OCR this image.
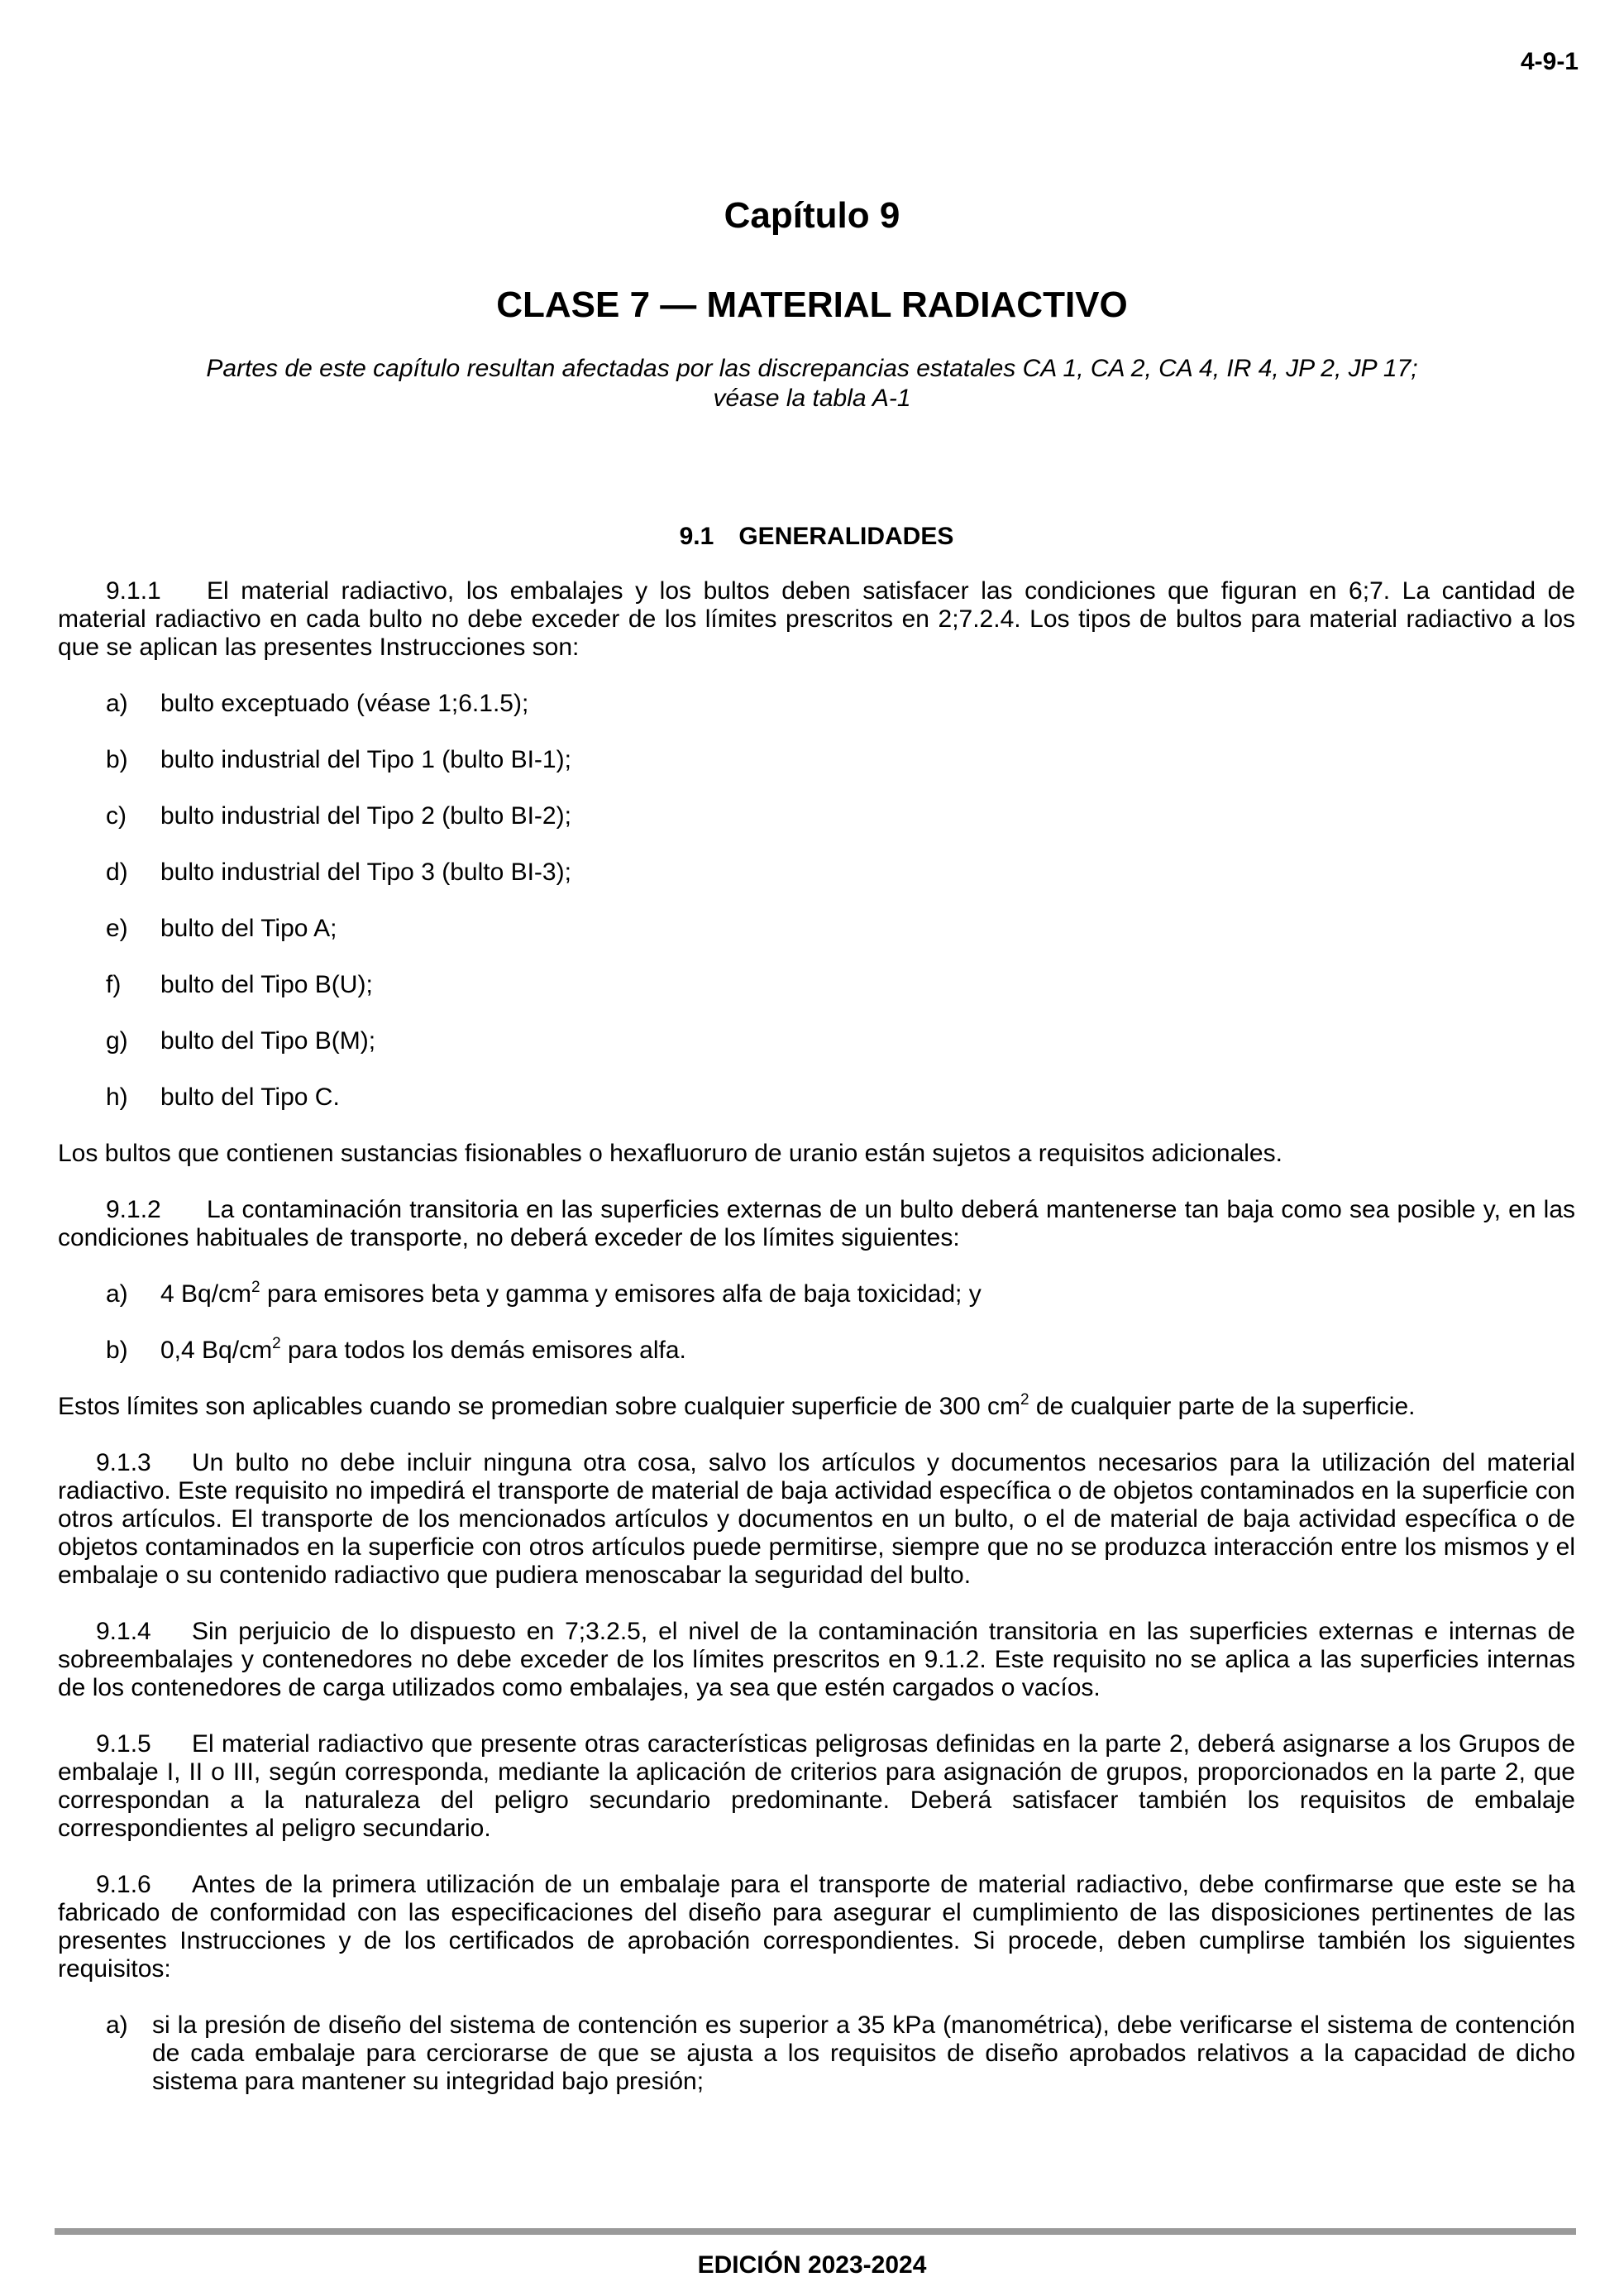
4-9-1
Capítulo 9
CLASE 7 — MATERIAL RADIACTIVO
Partes de este capítulo resultan afectadas por las discrepancias estatales CA 1, CA 2, CA 4, IR 4, JP 2, JP 17;
véase la tabla A-1
9.1 GENERALIDADES

9.1.1 El material radiactivo, los embalajes y los bultos deben satisfacer las condiciones que figuran en 6;7. La cantidad de material radiactivo en cada bulto no debe exceder de los límites prescritos en 2;7.2.4. Los tipos de bultos para material radiactivo a los que se aplican las presentes Instrucciones son:

a)	bulto exceptuado (véase 1;6.1.5);
b)	bulto industrial del Tipo 1 (bulto BI-1);
c)	bulto industrial del Tipo 2 (bulto BI-2);
d)	bulto industrial del Tipo 3 (bulto BI-3);
e)	bulto del Tipo A;
f)	bulto del Tipo B(U);
g)	bulto del Tipo B(M);
h)	bulto del Tipo C.

Los bultos que contienen sustancias fisionables o hexafluoruro de uranio están sujetos a requisitos adicionales.

9.1.2 La contaminación transitoria en las superficies externas de un bulto deberá mantenerse tan baja como sea posible y, en las condiciones habituales de transporte, no deberá exceder de los límites siguientes:

a)	4 $Bq/cm^2$ para emisores beta y gamma y emisores alfa de baja toxicidad; y
b)	0,4 $Bq/cm^2$ para todos los demás emisores alfa.

Estos límites son aplicables cuando se promedian sobre cualquier superficie de 300 $cm^2$ de cualquier parte de la superficie.

9.1.3 Un bulto no debe incluir ninguna otra cosa, salvo los artículos y documentos necesarios para la utilización del material radiactivo. Este requisito no impedirá el transporte de material de baja actividad específica o de objetos contaminados en la superficie con otros artículos. El transporte de los mencionados artículos y documentos en un bulto, o el de material de baja actividad específica o de objetos contaminados en la superficie con otros artículos puede permitirse, siempre que no se produzca interacción entre los mismos y el embalaje o su contenido radiactivo que pudiera menoscabar la seguridad del bulto.

9.1.4 Sin perjuicio de lo dispuesto en 7;3.2.5, el nivel de la contaminación transitoria en las superficies externas e internas de sobreembalajes y contenedores no debe exceder de los límites prescritos en 9.1.2. Este requisito no se aplica a las superficies internas de los contenedores de carga utilizados como embalajes, ya sea que estén cargados o vacíos.

9.1.5 El material radiactivo que presente otras características peligrosas definidas en la parte 2, deberá asignarse a los Grupos de embalaje I, II o III, según corresponda, mediante la aplicación de criterios para asignación de grupos, proporcionados en la parte 2, que correspondan a la naturaleza del peligro secundario predominante. Deberá satisfacer también los requisitos de embalaje correspondientes al peligro secundario.

9.1.6 Antes de la primera utilización de un embalaje para el transporte de material radiactivo, debe confirmarse que este se ha fabricado de conformidad con las especificaciones del diseño para asegurar el cumplimiento de las disposiciones pertinentes de las presentes Instrucciones y de los certificados de aprobación correspondientes. Si procede, deben cumplirse también los siguientes requisitos:

a) si la presión de diseño del sistema de contención es superior a 35 kPa (manométrica), debe verificarse el sistema de contención de cada embalaje para cerciorarse de que se ajusta a los requisitos de diseño aprobados relativos a la capacidad de dicho sistema para mantener su integridad bajo presión;
EDICIÓN 2023-2024
